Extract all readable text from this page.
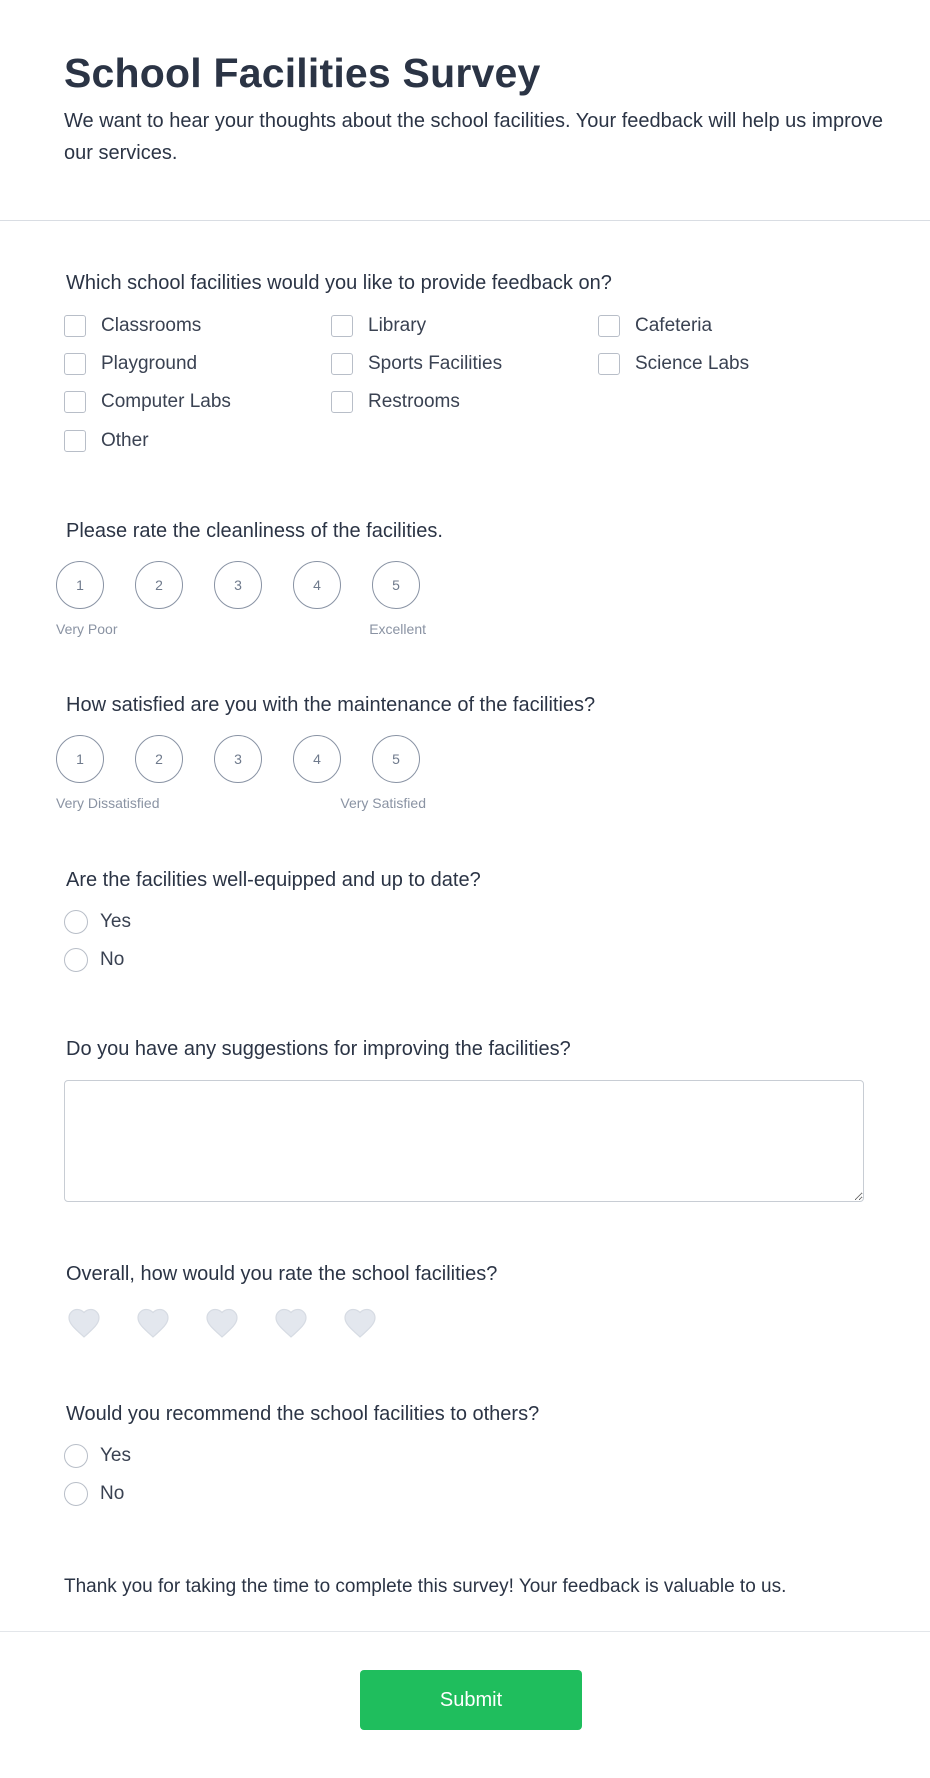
School Facilities Survey

We want to hear your thoughts about the school facilities. Your feedback will help us improve our services.

Which school facilities would you like to provide feedback on?

Classrooms	Library	Cafeteria
Playground	Sports Facilities	Science Labs
Computer Labs	Restrooms
Other

Please rate the cleanliness of the facilities.

1	2	3	4	5
Very Poor	Excellent

How satisfied are you with the maintenance of the facilities?

1	2	3	4	5
Very Dissatisfied	Very Satisfied

Are the facilities well-equipped and up to date?

Yes
No

Do you have any suggestions for improving the facilities?

Overall, how would you rate the school facilities?

Would you recommend the school facilities to others?

Yes
No

Thank you for taking the time to complete this survey! Your feedback is valuable to us.

Submit
